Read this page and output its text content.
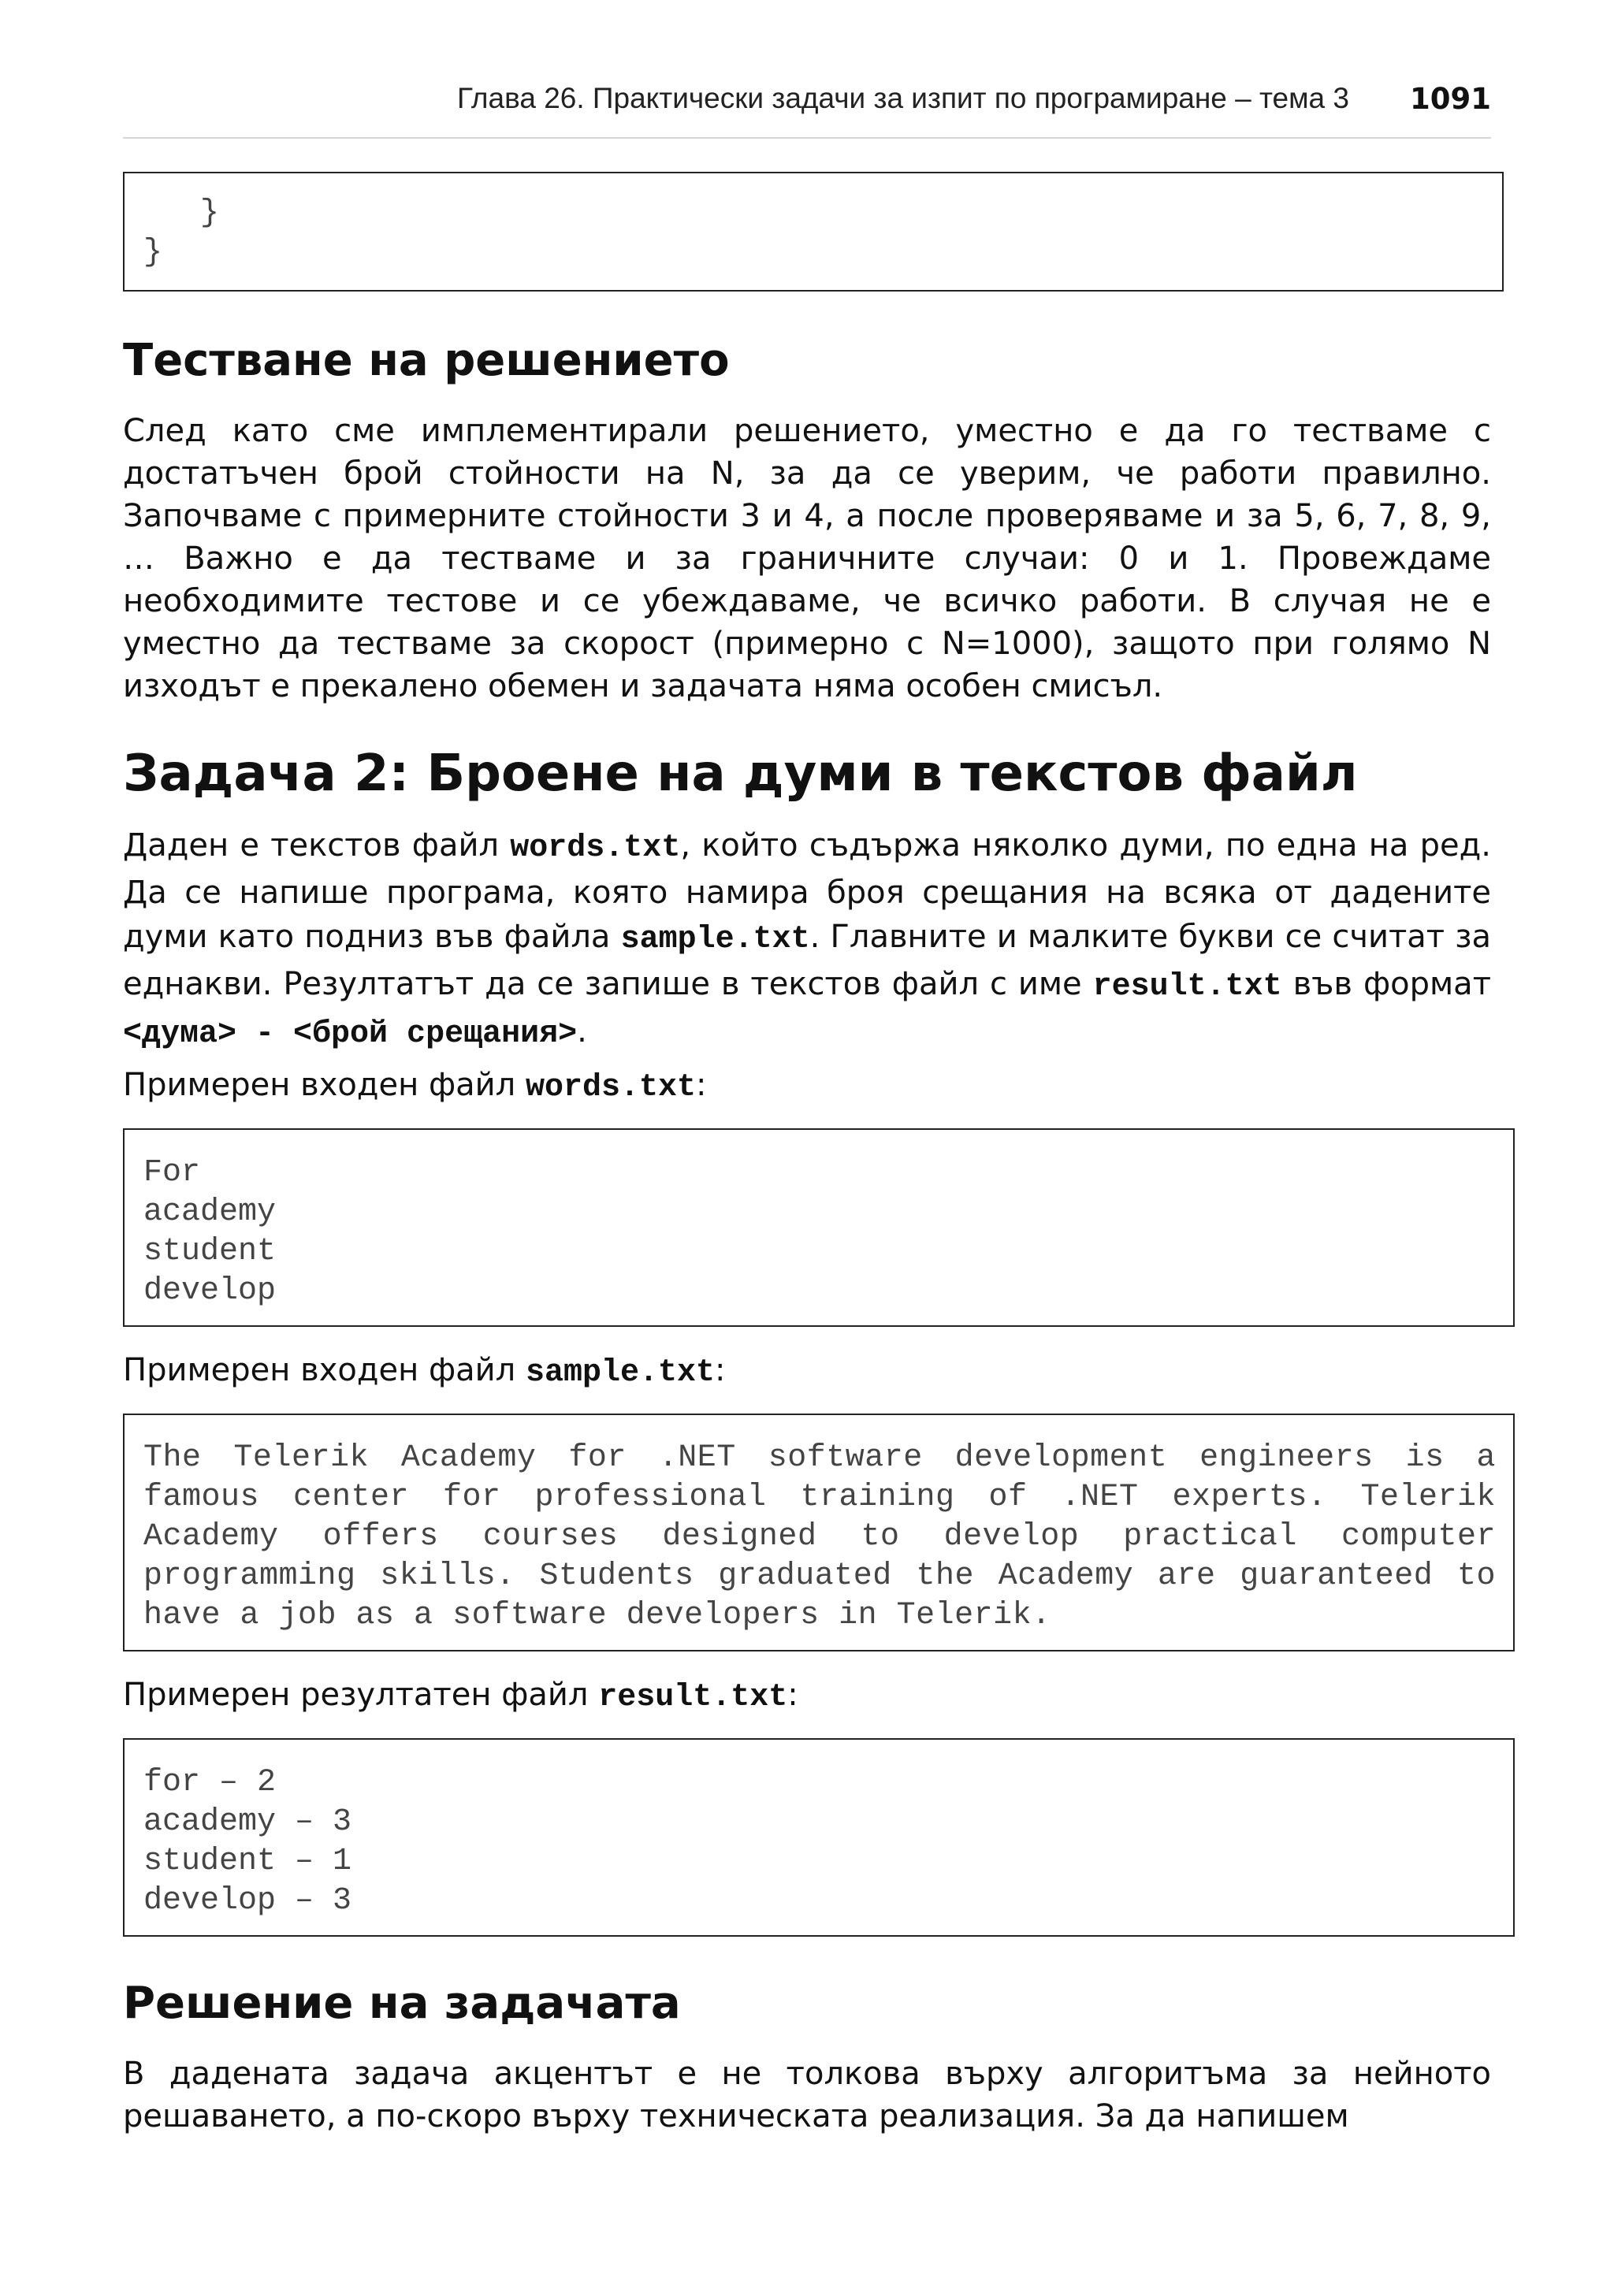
Глава 26. Практически задачи за изпит по програмиране – тема 3 1091
}
}
Тестване на решението

След като сме имплементирали решението, уместно е да го тестваме с достатъчен брой стойности на N, за да се уверим, че работи правилно. Започваме с примерните стойности 3 и 4, а после проверяваме и за 5, 6, 7, 8, 9, … Важно е да тестваме и за граничните случаи: 0 и 1. Провеждаме необходимите тестове и се убеждаваме, че всичко работи. В случая не е уместно да тестваме за скорост (примерно с N=1000), защото при голямо N изходът е прекалено обемен и задачата няма особен смисъл.

Задача 2: Броене на думи в текстов файл

Даден е текстов файл words.txt, който съдържа няколко думи, по една на ред. Да се напише програма, която намира броя срещания на всяка от дадените думи като подниз във файла sample.txt. Главните и малките букви се считат за еднакви. Резултатът да се запише в текстов файл с име result.txt във формат <дума> - <брой срещания>.

Примерен входен файл words.txt:

For
academy
student
develop

Примерен входен файл sample.txt:

The Telerik Academy for .NET software development engineers is a famous center for professional training of .NET experts. Telerik Academy offers courses designed to develop practical computer programming skills. Students graduated the Academy are guaranteed to have a job as a software developers in Telerik.

Примерен резултатен файл result.txt:

for – 2
academy – 3
student – 1
develop – 3
Решение на задачата

В дадената задача акцентът е не толкова върху алгоритъма за нейното решаването, а по-скоро върху техническата реализация. За да напишем
